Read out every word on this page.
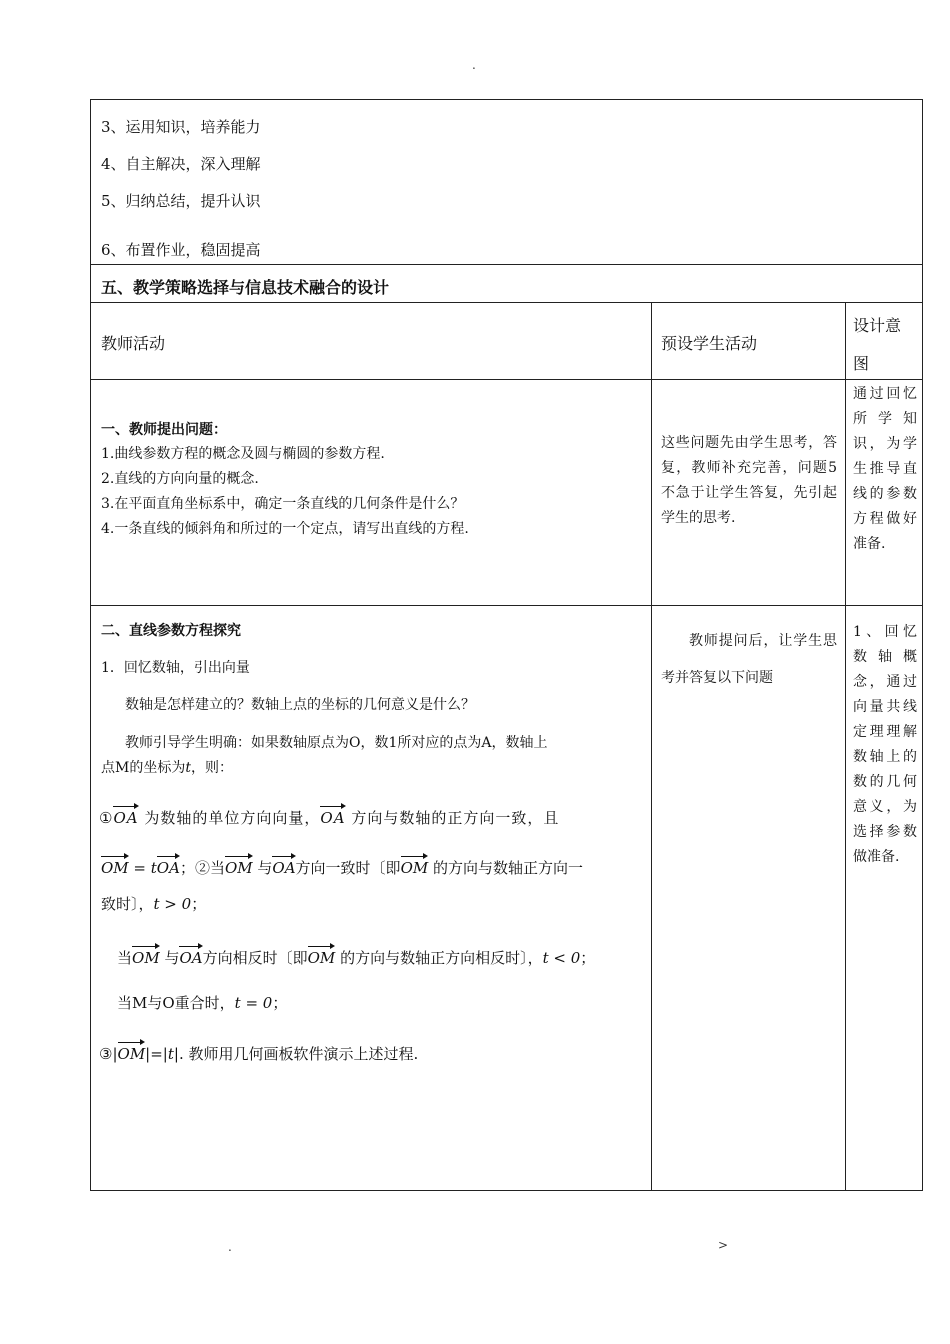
.
3、运用知识，培养能力
4、自主解决，深入理解
5、归纳总结，提升认识
6、布置作业，稳固提高
五、教学策略选择与信息技术融合的设计
教师活动	预设学生活动
设计意
图
一、教师提出问题：
1.曲线参数方程的概念及圆与椭圆的参数方程.
2.直线的方向向量的概念.
3.在平面直角坐标系中，确定一条直线的几何条件是什么？
4.一条直线的倾斜角和所过的一个定点，请写出直线的方程.
这些问题先由学生思考，答复，教师补充完善，问题5不急于让学生答复，先引起学生的思考.
通过回忆所学知识，为学生推导直线的参数方程做好准备.
二、直线参数方程探究
1．回忆数轴，引出向量
数轴是怎样建立的？数轴上点的坐标的几何意义是什么？
教师引导学生明确：如果数轴原点为O，数1所对应的点为A，数轴上
点M的坐标为t，则：
①OA 为数轴的单位方向向量，OA 方向与数轴的正方向一致，且
OM = tOA；②当OM 与OA方向一致时〔即OM 的方向与数轴正方向一
致时〕，t > 0；
当OM 与OA方向相反时〔即OM 的方向与数轴正方向相反时〕，t < 0；
当M与O重合时，t = 0；
③|OM|=|t|. 教师用几何画板软件演示上述过程.
教师提问后，让学生思考并答复以下问题
1、回忆数轴概念，通过向量共线定理理解数轴上的数的几何意义，为选择参数做准备.
.	>
